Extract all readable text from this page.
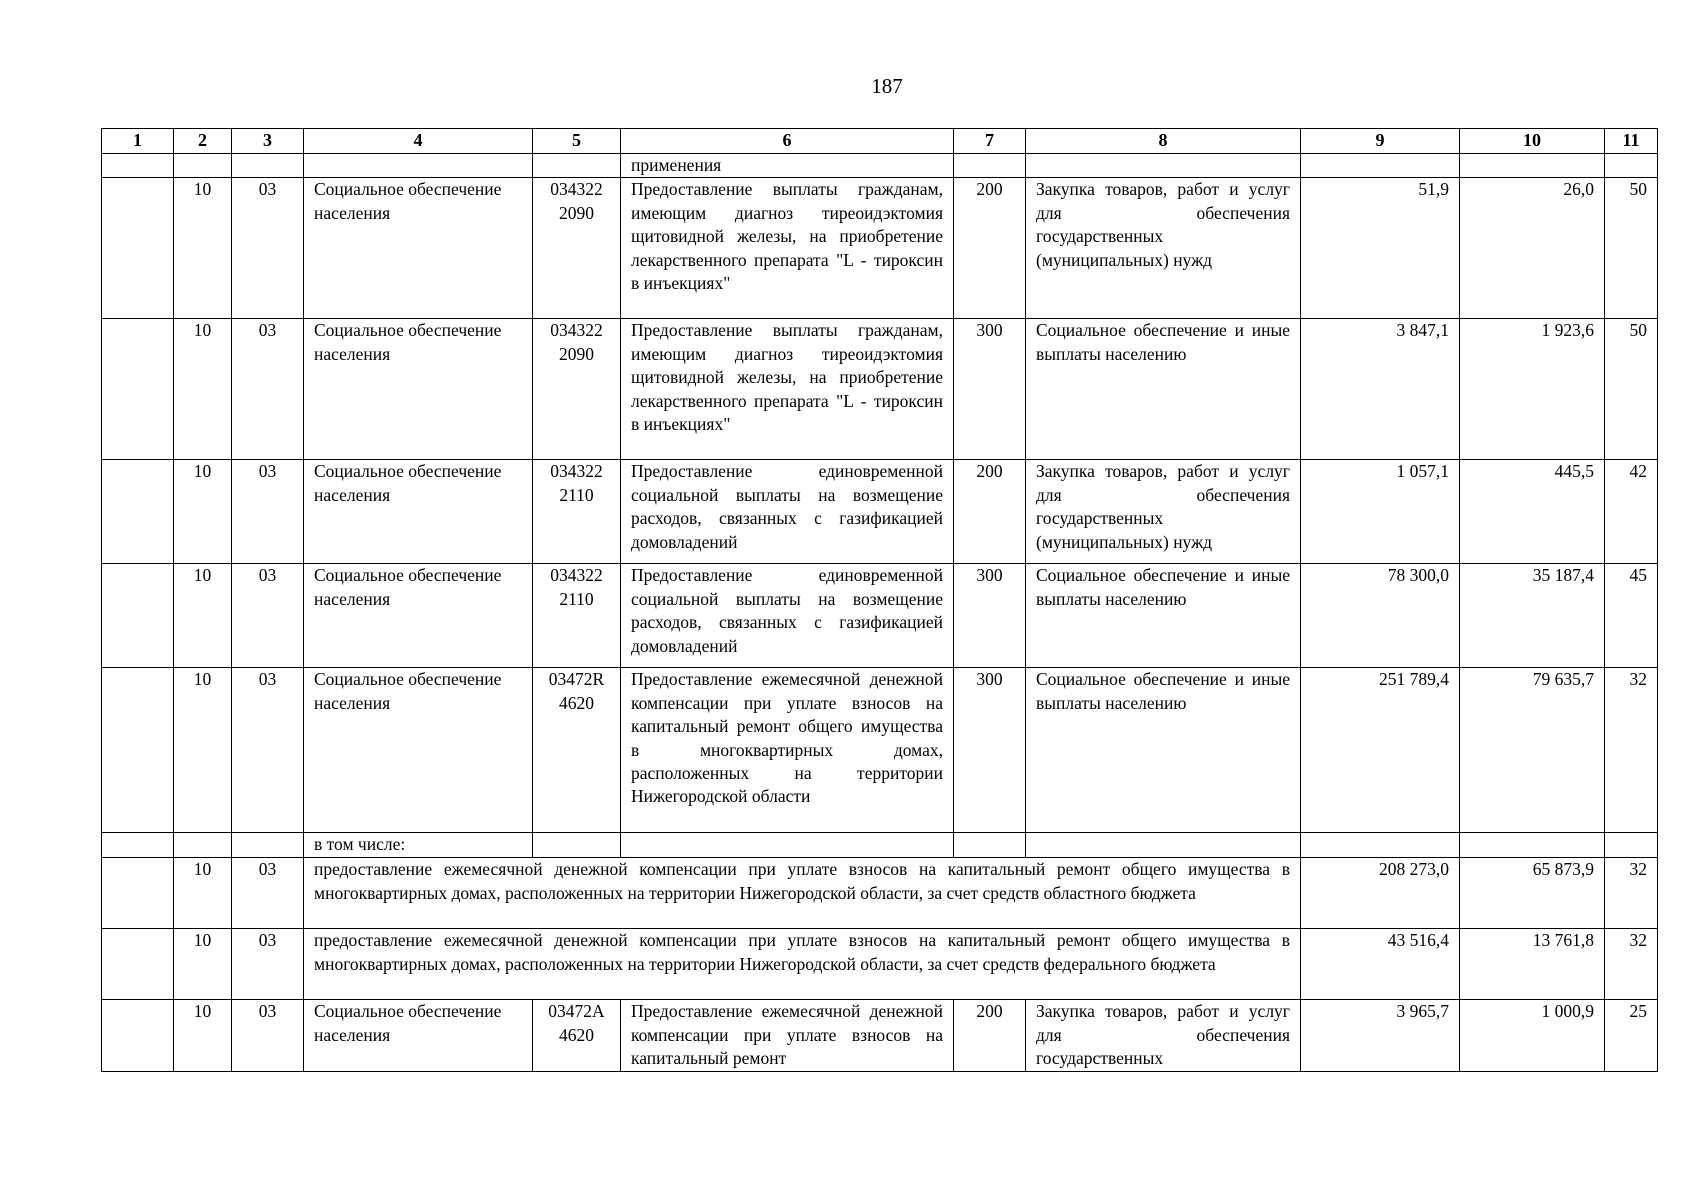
187
1	2	3	4	5	6	7	8	9	10	11
					применения					
	10	03	Социальное обеспечение населения	034322 2090	Предоставление выплаты гражданам, имеющим диагноз тиреоидэктомия щитовидной железы, на приобретение лекарственного препарата "L - тироксин в инъекциях"	200	Закупка товаров, работ и услуг для обеспечения государственных (муниципальных) нужд	51,9	26,0	50
	10	03	Социальное обеспечение населения	034322 2090	Предоставление выплаты гражданам, имеющим диагноз тиреоидэктомия щитовидной железы, на приобретение лекарственного препарата "L - тироксин в инъекциях"	300	Социальное обеспечение и иные выплаты населению	3 847,1	1 923,6	50
	10	03	Социальное обеспечение населения	034322 2110	Предоставление единовременной социальной выплаты на возмещение расходов, связанных с газификацией домовладений	200	Закупка товаров, работ и услуг для обеспечения государственных (муниципальных) нужд	1 057,1	445,5	42
	10	03	Социальное обеспечение населения	034322 2110	Предоставление единовременной социальной выплаты на возмещение расходов, связанных с газификацией домовладений	300	Социальное обеспечение и иные выплаты населению	78 300,0	35 187,4	45
	10	03	Социальное обеспечение населения	03472R 4620	Предоставление ежемесячной денежной компенсации при уплате взносов на капитальный ремонт общего имущества в многоквартирных домах, расположенных на территории Нижегородской области	300	Социальное обеспечение и иные выплаты населению	251 789,4	79 635,7	32
			в том числе:							
	10	03	предоставление ежемесячной денежной компенсации при уплате взносов на капитальный ремонт общего имущества в многоквартирных домах, расположенных на территории Нижегородской области, за счет средств областного бюджета					208 273,0	65 873,9	32
	10	03	предоставление ежемесячной денежной компенсации при уплате взносов на капитальный ремонт общего имущества в многоквартирных домах, расположенных на территории Нижегородской области, за счет средств федерального бюджета					43 516,4	13 761,8	32
	10	03	Социальное обеспечение населения	03472A 4620	Предоставление ежемесячной денежной компенсации при уплате взносов на капитальный ремонт	200	Закупка товаров, работ и услуг для обеспечения государственных	3 965,7	1 000,9	25
